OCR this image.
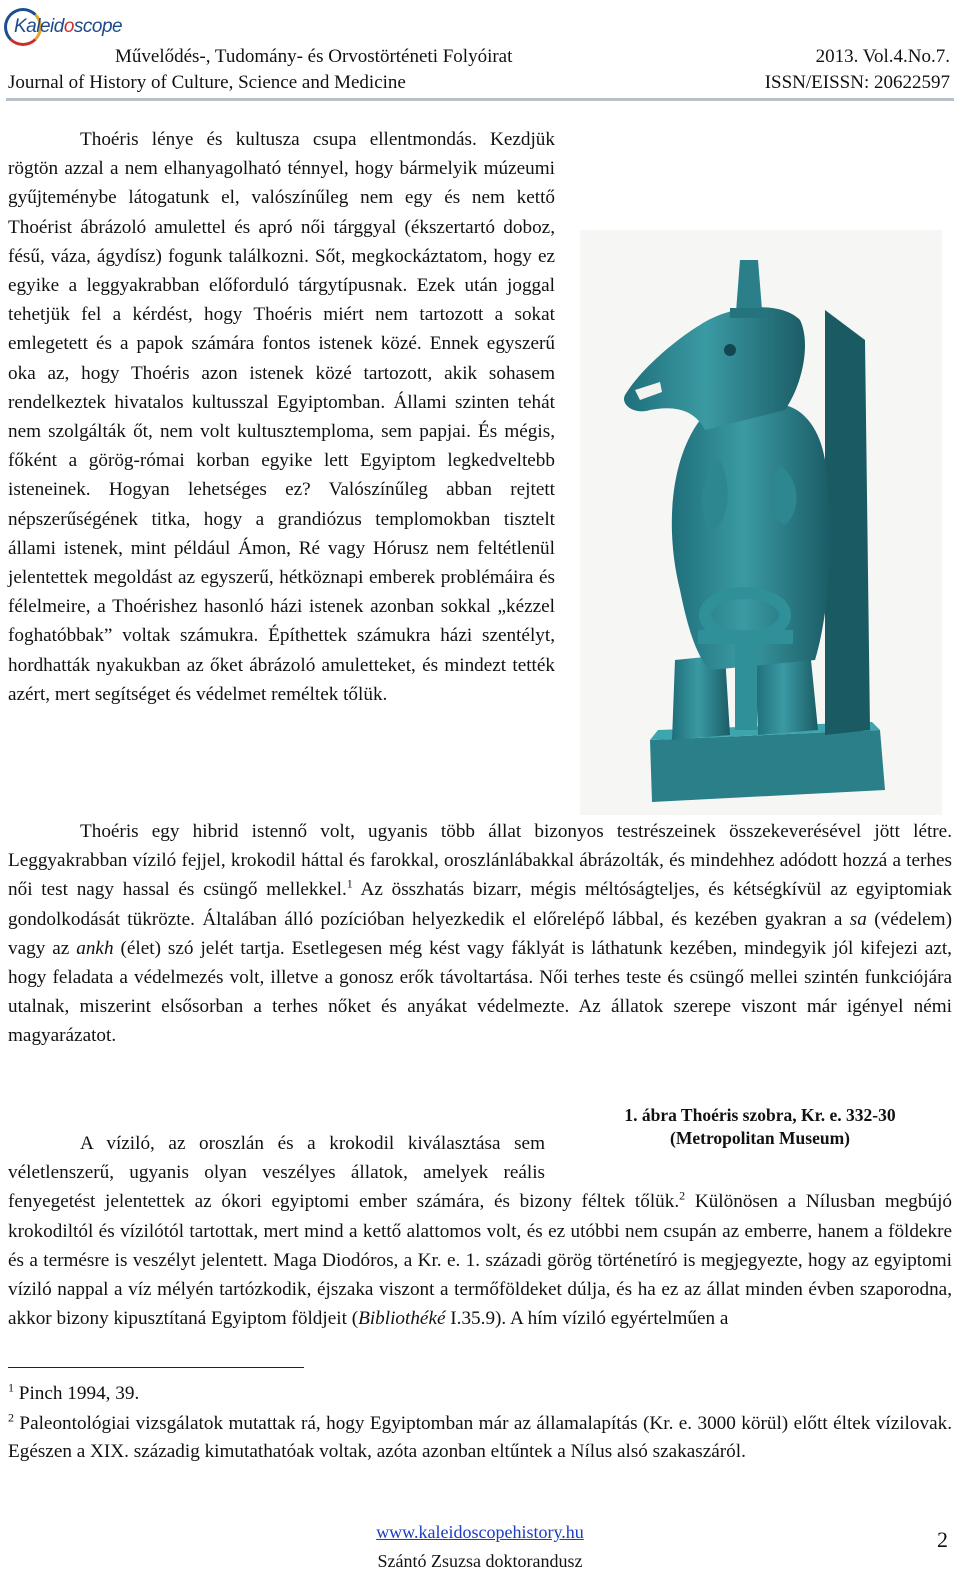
Kaleidoscope
Művelődés-, Tudomány- és Orvostörténeti Folyóirat	2013. Vol.4.No.7.
Journal of History of Culture, Science and Medicine	ISSN/EISSN: 20622597

Thoéris lénye és kultusza csupa ellentmondás. Kezdjük rögtön azzal a nem elhanyagolható ténnyel, hogy bármelyik múzeumi gyűjteménybe látogatunk el, valószínűleg nem egy és nem kettő Thoérist ábrázoló amulettel és apró női tárggyal (ékszertartó doboz, fésű, váza, ágydísz) fogunk találkozni. Sőt, megkockáztatom, hogy ez egyike a leggyakrabban előforduló tárgytípusnak. Ezek után joggal tehetjük fel a kérdést, hogy Thoéris miért nem tartozott a sokat emlegetett és a papok számára fontos istenek közé. Ennek egyszerű oka az, hogy Thoéris azon istenek közé tartozott, akik sohasem rendelkeztek hivatalos kultusszal Egyiptomban. Állami szinten tehát nem szolgálták őt, nem volt kultusztemploma, sem papjai. És mégis, főként a görög-római korban egyike lett Egyiptom legkedveltebb isteneinek. Hogyan lehetséges ez? Valószínűleg abban rejtett népszerűségének titka, hogy a grandiózus templomokban tisztelt állami istenek, mint például Ámon, Ré vagy Hórusz nem feltétlenül jelentettek megoldást az egyszerű, hétköznapi emberek problémáira és félelmeire, a Thoérishez hasonló házi istenek azonban sokkal „kézzel foghatóbbak” voltak számukra. Építhettek számukra házi szentélyt, hordhatták nyakukban az őket ábrázoló amuletteket, és mindezt tették azért, mert segítséget és védelmet reméltek tőlük.

Thoéris egy hibrid istennő volt, ugyanis több állat bizonyos testrészeinek összekeverésével jött létre. Leggyakrabban víziló fejjel, krokodil háttal és farokkal, oroszlánlábakkal ábrázolták, és mindehhez adódott hozzá a terhes női test nagy hassal és csüngő mellekkel.$^1$ Az összhatás bizarr, mégis méltóságteljes, és kétségkívül az egyiptomiak gondolkodását tükrözte. Általában álló pozícióban helyezkedik el előrelépő lábbal, és kezében gyakran a sa (védelem) vagy az ankh (élet) szó jelét tartja. Esetlegesen még kést vagy fáklyát is láthatunk kezében, mindegyik jól kifejezi azt, hogy feladata a védelmezés volt, illetve a gonosz erők távoltartása. Női terhes teste és csüngő mellei szintén funkciójára utalnak, miszerint elsősorban a terhes nőket és anyákat védelmezte. Az állatok szerepe viszont már igényel némi magyarázatot.

1. ábra Thoéris szobra, Kr. e. 332-30
(Metropolitan Museum)

A víziló, az oroszlán és a krokodil kiválasztása sem véletlenszerű, ugyanis olyan veszélyes állatok, amelyek reális fenyegetést jelentettek az ókori egyiptomi ember számára, és bizony féltek tőlük.$^2$ Különösen a Nílusban megbújó krokodiltól és vízilótól tartottak, mert mind a kettő alattomos volt, és ez utóbbi nem csupán az emberre, hanem a földekre és a termésre is veszélyt jelentett. Maga Diodóros, a Kr. e. 1. századi görög történetíró is megjegyezte, hogy az egyiptomi víziló nappal a víz mélyén tartózkodik, éjszaka viszont a termőföldeket dúlja, és ha ez az állat minden évben szaporodna, akkor bizony kipusztítaná Egyiptom földjeit (Bibliothéké I.35.9). A hím víziló egyértelműen a

$^1$ Pinch 1994, 39.

$^2$ Paleontológiai vizsgálatok mutattak rá, hogy Egyiptomban már az államalapítás (Kr. e. 3000 körül) előtt éltek vízilovak. Egészen a XIX. századig kimutathatóak voltak, azóta azonban eltűntek a Nílus alsó szakaszáról.

www.kaleidoscopehistory.hu
Szántó Zsuzsa doktorandusz
2
